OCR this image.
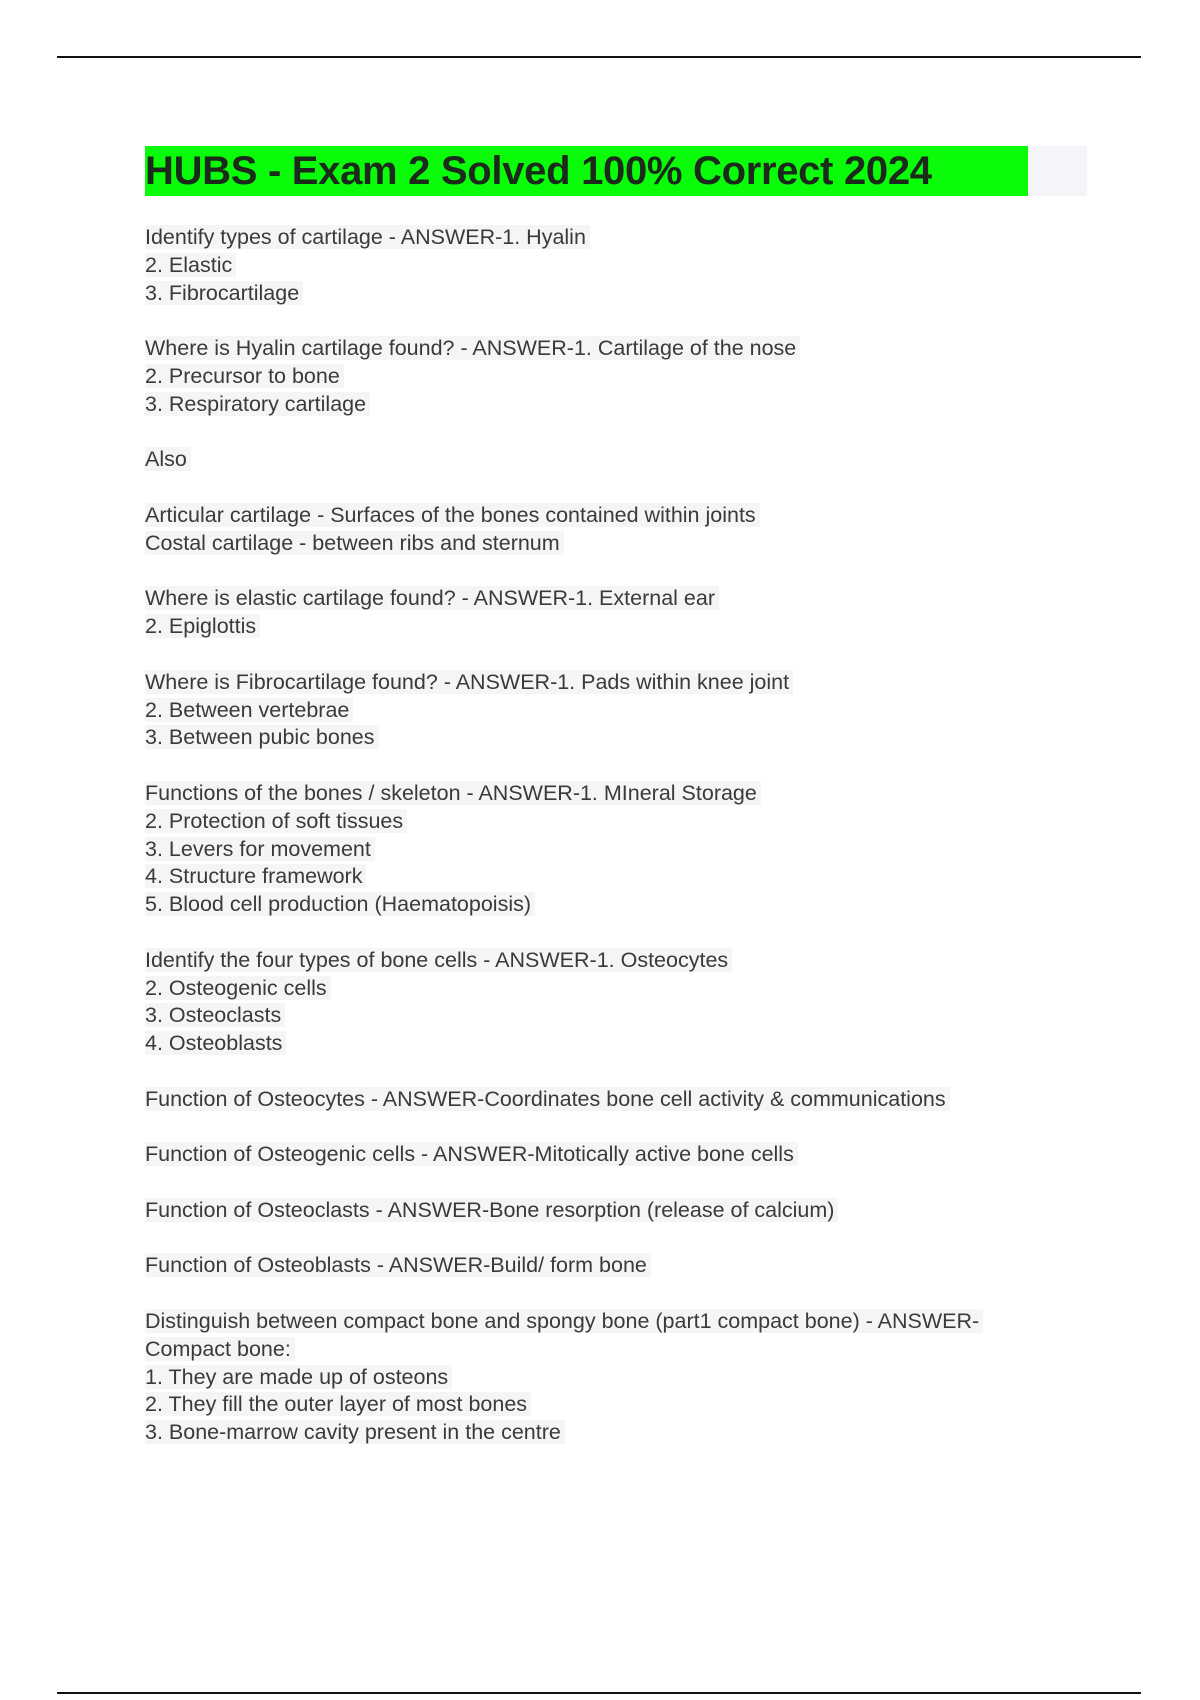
HUBS - Exam 2 Solved 100% Correct 2024
Identify types of cartilage - ANSWER-1. Hyalin
2. Elastic
3. Fibrocartilage
Where is Hyalin cartilage found? - ANSWER-1. Cartilage of the nose
2. Precursor to bone
3. Respiratory cartilage
Also
Articular cartilage - Surfaces of the bones contained within joints
Costal cartilage - between ribs and sternum
Where is elastic cartilage found? - ANSWER-1. External ear
2. Epiglottis
Where is Fibrocartilage found? - ANSWER-1. Pads within knee joint
2. Between vertebrae
3. Between pubic bones
Functions of the bones / skeleton - ANSWER-1. MIneral Storage
2. Protection of soft tissues
3. Levers for movement
4. Structure framework
5. Blood cell production (Haematopoisis)
Identify the four types of bone cells - ANSWER-1. Osteocytes
2. Osteogenic cells
3. Osteoclasts
4. Osteoblasts
Function of Osteocytes - ANSWER-Coordinates bone cell activity & communications
Function of Osteogenic cells - ANSWER-Mitotically active bone cells
Function of Osteoclasts - ANSWER-Bone resorption (release of calcium)
Function of Osteoblasts - ANSWER-Build/ form bone
Distinguish between compact bone and spongy bone (part1 compact bone) - ANSWER-
Compact bone:
1. They are made up of osteons
2. They fill the outer layer of most bones
3. Bone-marrow cavity present in the centre
